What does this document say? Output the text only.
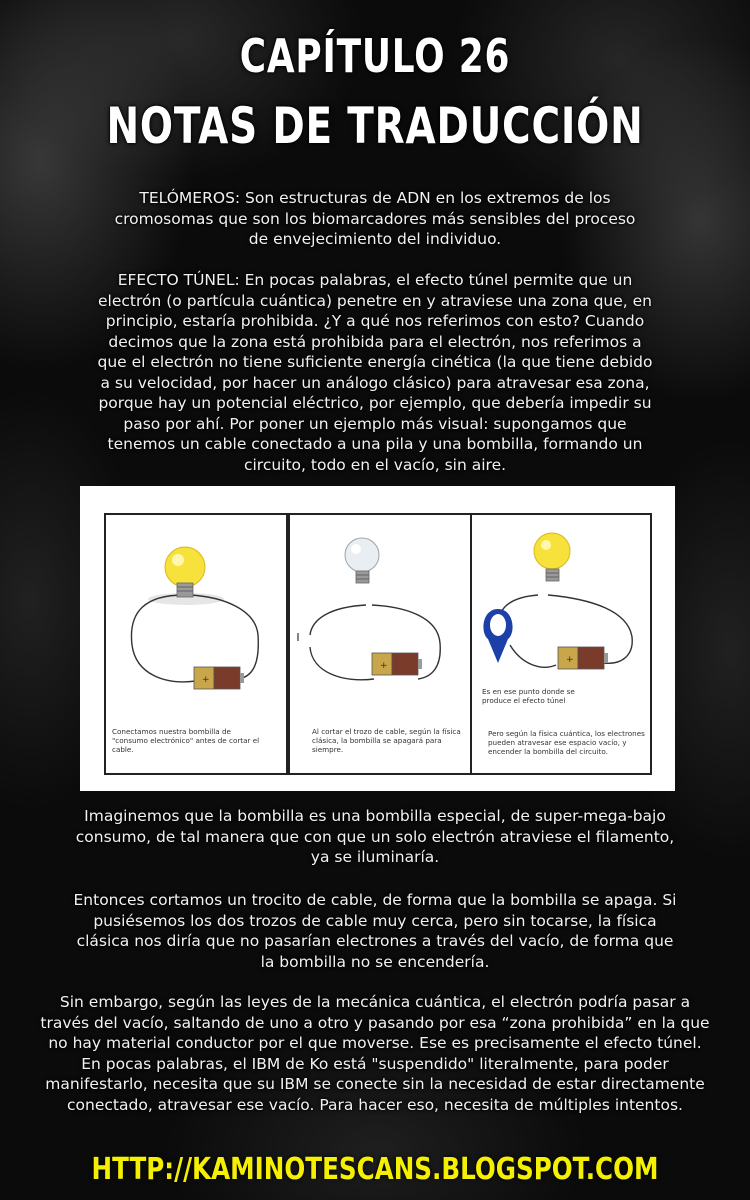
CAPÍTULO 26
NOTAS DE TRADUCCIÓN
TELÓMEROS: Son estructuras de ADN en los extremos de los cromosomas que son los biomarcadores más sensibles del proceso de envejecimiento del individuo.
EFECTO TÚNEL: En pocas palabras, el efecto túnel permite que un electrón (o partícula cuántica) penetre en y atraviese una zona que, en principio, estaría prohibida. ¿Y a qué nos referimos con esto? Cuando decimos que la zona está prohibida para el electrón, nos referimos a que el electrón no tiene suficiente energía cinética (la que tiene debido a su velocidad, por hacer un análogo clásico) para atravesar esa zona, porque hay un potencial eléctrico, por ejemplo, que debería impedir su paso por ahí. Por poner un ejemplo más visual: supongamos que tenemos un cable conectado a una pila y una bombilla, formando un circuito, todo en el vacío, sin aire.
+
Conectamos nuestra bombilla de "consumo electrónico" antes de cortar el cable.
+
Al cortar el trozo de cable, según la física clásica, la bombilla se apagará para siempre.
+
Es en ese punto donde se produce el efecto túnel
Pero según la física cuántica, los electrones pueden atravesar ese espacio vacío, y encender la bombilla del circuito.
Imaginemos que la bombilla es una bombilla especial, de super-mega-bajo consumo, de tal manera que con que un solo electrón atraviese el filamento, ya se iluminaría.
Entonces cortamos un trocito de cable, de forma que la bombilla se apaga. Si pusiésemos los dos trozos de cable muy cerca, pero sin tocarse, la física clásica nos diría que no pasarían electrones a través del vacío, de forma que la bombilla no se encendería.
Sin embargo, según las leyes de la mecánica cuántica, el electrón podría pasar a través del vacío, saltando de uno a otro y pasando por esa “zona prohibida” en la que no hay material conductor por el que moverse. Ese es precisamente el efecto túnel. En pocas palabras, el IBM de Ko está "suspendido" literalmente, para poder manifestarlo, necesita que su IBM se conecte sin la necesidad de estar directamente conectado, atravesar ese vacío. Para hacer eso, necesita de múltiples intentos.
HTTP://KAMINOTESCANS.BLOGSPOT.COM
